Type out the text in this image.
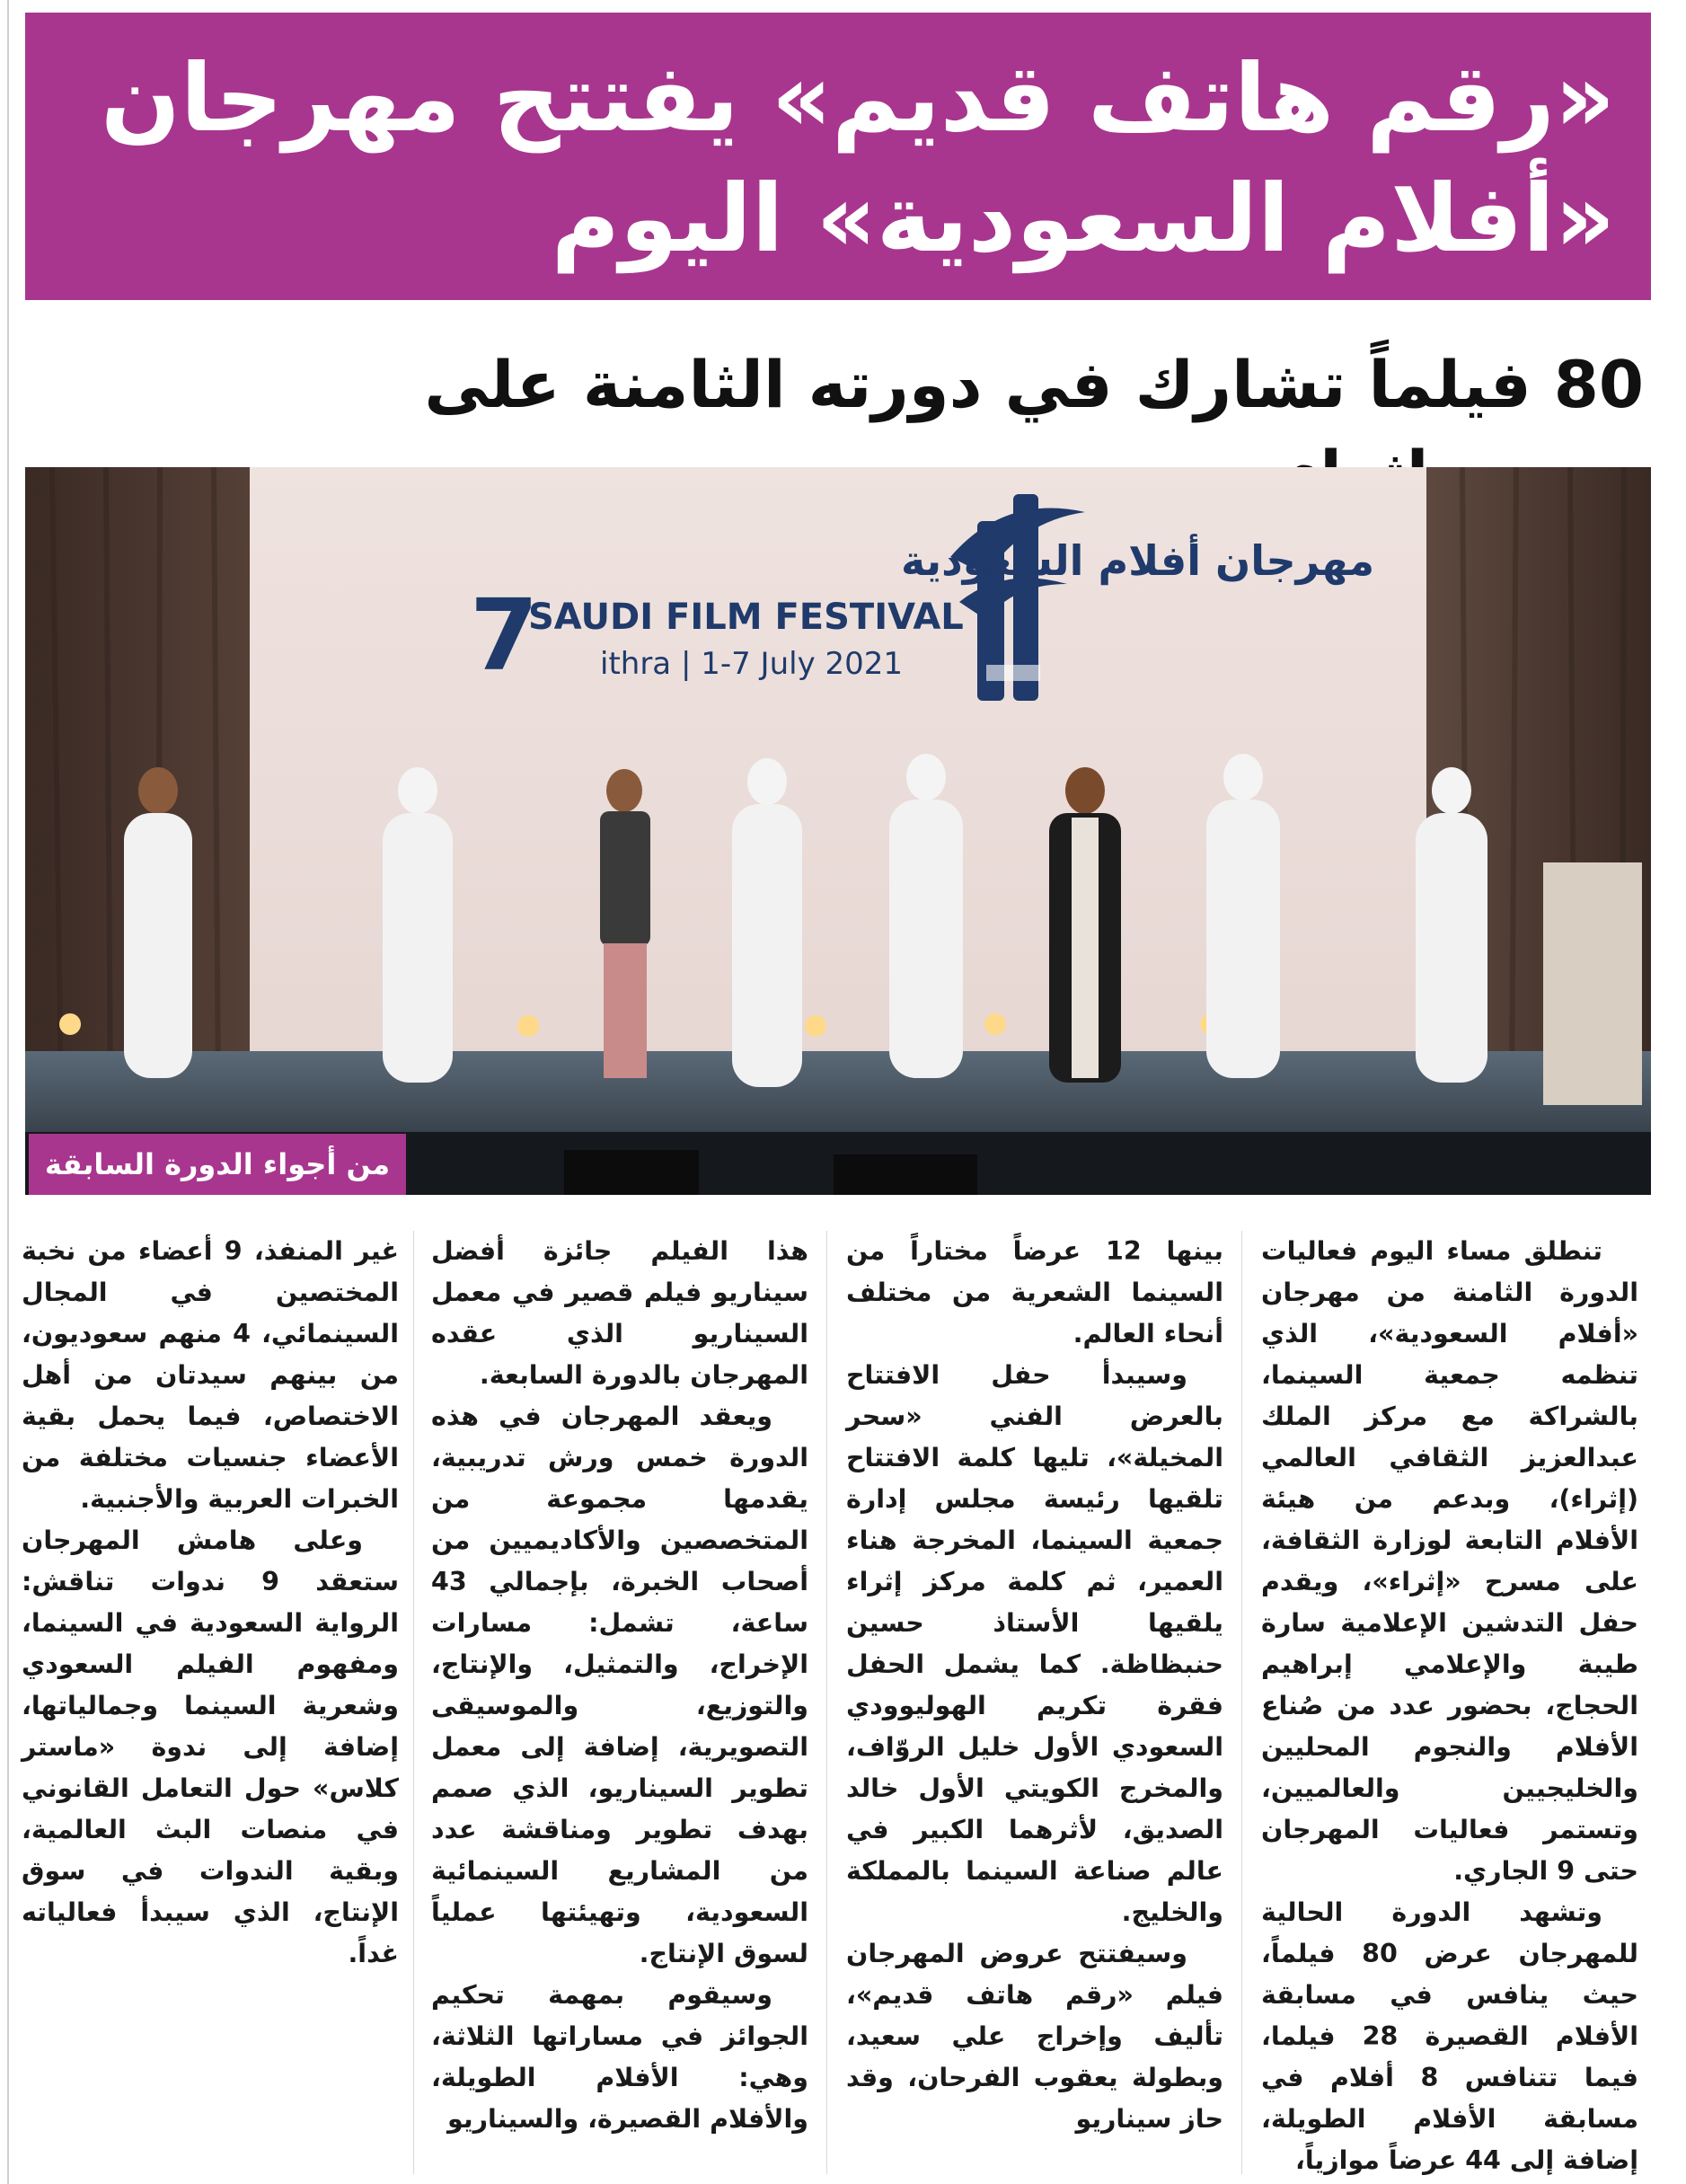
«رقم هاتف قديم» يفتتح مهرجان «أفلام السعودية» اليوم
80 فيلماً تشارك في دورته الثامنة على
مهرجان أفلام السعودية
7
SAUDI FILM FESTIVAL
ithra | 1-7 July 2021
من أجواء الدورة السابقة

تنطلق مساء اليوم فعاليات الدورة الثامنة من مهرجان «أفلام السعودية»، الذي تنظمه جمعية السينما، بالشراكة مع مركز الملك عبدالعزيز الثقافي العالمي (إثراء)، وبدعم من هيئة الأفلام التابعة لوزارة الثقافة، على مسرح «إثراء»، ويقدم حفل التدشين الإعلامية سارة طيبة والإعلامي إبراهيم الحجاج، بحضور عدد من صُناع الأفلام والنجوم المحليين والخليجيين والعالميين، وتستمر فعاليات المهرجان حتى 9 الجاري.

وتشهد الدورة الحالية للمهرجان عرض 80 فيلماً، حيث ينافس في مسابقة الأفلام القصيرة 28 فيلما، فيما تتنافس 8 أفلام في مسابقة الأفلام الطويلة، إضافة إلى 44 عرضاً موازياً،

بينها 12 عرضاً مختاراً من السينما الشعرية من مختلف أنحاء العالم.

وسيبدأ حفل الافتتاح بالعرض الفني «سحر المخيلة»، تليها كلمة الافتتاح تلقيها رئيسة مجلس إدارة جمعية السينما، المخرجة هناء العمير، ثم كلمة مركز إثراء يلقيها الأستاذ حسين حنبظاظة. كما يشمل الحفل فقرة تكريم الهوليوودي السعودي الأول خليل الروّاف، والمخرج الكويتي الأول خالد الصديق، لأثرهما الكبير في عالم صناعة السينما بالمملكة والخليج.

وسيفتتح عروض المهرجان فيلم «رقم هاتف قديم»، تأليف وإخراج علي سعيد، وبطولة يعقوب الفرحان، وقد حاز سيناريو

هذا الفيلم جائزة أفضل سيناريو فيلم قصير في معمل السيناريو الذي عقده المهرجان بالدورة السابعة.

ويعقد المهرجان في هذه الدورة خمس ورش تدريبية، يقدمها مجموعة من المتخصصين والأكاديميين من أصحاب الخبرة، بإجمالي 43 ساعة، تشمل: مسارات الإخراج، والتمثيل، والإنتاج، والتوزيع، والموسيقى التصويرية، إضافة إلى معمل تطوير السيناريو، الذي صمم بهدف تطوير ومناقشة عدد من المشاريع السينمائية السعودية، وتهيئتها عملياً لسوق الإنتاج.

وسيقوم بمهمة تحكيم الجوائز في مساراتها الثلاثة، وهي: الأفلام الطويلة، والأفلام القصيرة، والسيناريو

غير المنفذ، 9 أعضاء من نخبة المختصين في المجال السينمائي، 4 منهم سعوديون، من بينهم سيدتان من أهل الاختصاص، فيما يحمل بقية الأعضاء جنسيات مختلفة من الخبرات العربية والأجنبية.

وعلى هامش المهرجان ستعقد 9 ندوات تناقش: الرواية السعودية في السينما، ومفهوم الفيلم السعودي وشعرية السينما وجمالياتها، إضافة إلى ندوة «ماستر كلاس» حول التعامل القانوني في منصات البث العالمية، وبقية الندوات في سوق الإنتاج، الذي سيبدأ فعالياته غداً.
